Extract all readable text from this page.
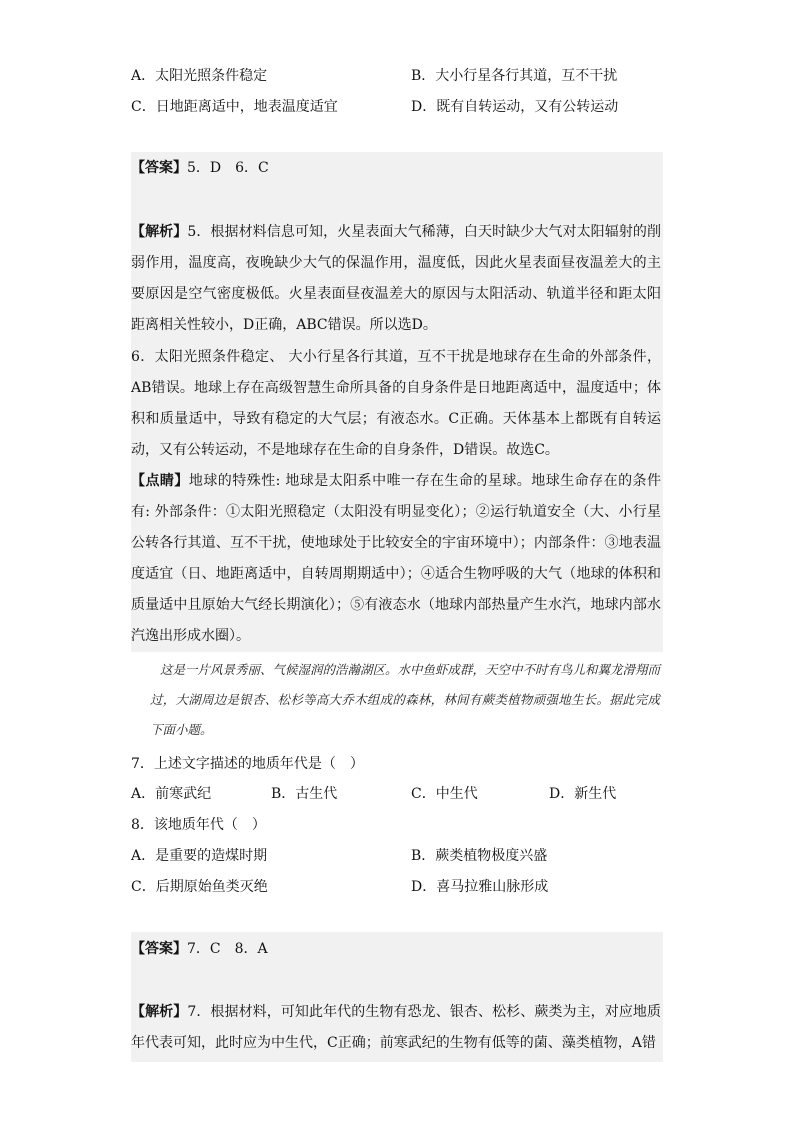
A．太阳光照条件稳定	B．大小行星各行其道，互不干扰
C．日地距离适中，地表温度适宜	D．既有自转运动，又有公转运动
【答案】5．D　6．C

【解析】5．根据材料信息可知，火星表面大气稀薄，白天时缺少大气对太阳辐射的削弱作用，温度高，夜晚缺少大气的保温作用，温度低，因此火星表面昼夜温差大的主要原因是空气密度极低。火星表面昼夜温差大的原因与太阳活动、轨道半径和距太阳距离相关性较小，D正确，ABC错误。所以选D。

6．太阳光照条件稳定、 大小行星各行其道，互不干扰是地球存在生命的外部条件，AB错误。地球上存在高级智慧生命所具备的自身条件是日地距离适中，温度适中；体积和质量适中，导致有稳定的大气层；有液态水。C正确。天体基本上都既有自转运动，又有公转运动，不是地球存在生命的自身条件，D错误。故选C。

【点睛】地球的特殊性: 地球是太阳系中唯一存在生命的星球。地球生命存在的条件有: 外部条件：①太阳光照稳定（太阳没有明显变化）；②运行轨道安全（大、小行星公转各行其道、互不干扰，使地球处于比较安全的宇宙环境中）；内部条件：③地表温度适宜（日、地距离适中，自转周期期适中）；④适合生物呼吸的大气（地球的体积和质量适中且原始大气经长期演化）；⑤有液态水（地球内部热量产生水汽，地球内部水汽逸出形成水圈）。

这是一片风景秀丽、气候湿润的浩瀚湖区。水中鱼虾成群，天空中不时有鸟儿和翼龙滑翔而过，大湖周边是银杏、松杉等高大乔木组成的森林，林间有蕨类植物顽强地生长。据此完成下面小题。
7．上述文字描述的地质年代是（　）
A．前寒武纪	B．古生代	C．中生代	D．新生代
8．该地质年代（　）
A．是重要的造煤时期	B．蕨类植物极度兴盛
C．后期原始鱼类灭绝	D．喜马拉雅山脉形成
【答案】7．C　8．A

【解析】7．根据材料，可知此年代的生物有恐龙、银杏、松杉、蕨类为主，对应地质年代表可知，此时应为中生代，C正确；前寒武纪的生物有低等的菌、藻类植物，A错
